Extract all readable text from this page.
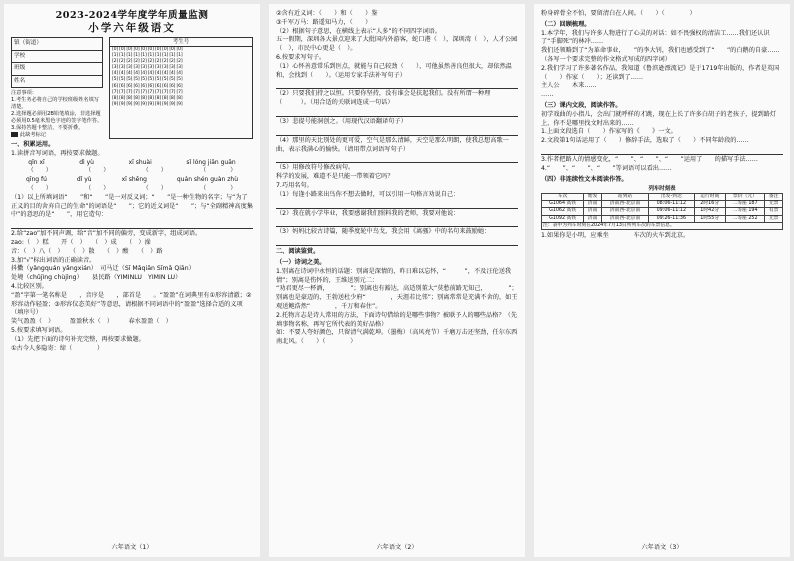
2023-2024学年度学年质量监测
小学六年级语文
镇（街道）
学校
班级
姓名
注意事项：
1.考生务必将自己的学校班级姓名填写清楚。
2.选择题必须用2B铅笔填涂，非选择题必须用0.5毫米黑色字迹的签字笔作答。
3.保持答题卡整洁，不要折叠。
此缺考标记
考生号
[0] [0] [0] [0] [0] [0] [0] [0] [0] [0]
[1] [1] [1] [1] [1] [1] [1] [1] [1] [1]
[2] [2] [2] [2] [2] [2] [2] [2] [2] [2]
[3] [3] [3] [3] [3] [3] [3] [3] [3] [3]
[4] [4] [4] [4] [4] [4] [4] [4] [4] [4]
[5] [5] [5] [5] [5] [5] [5] [5] [5] [5]
[6] [6] [6] [6] [6] [6] [6] [6] [6] [6]
[7] [7] [7] [7] [7] [7] [7] [7] [7] [7]
[8] [8] [8] [8] [8] [8] [8] [8] [8] [8]
[9] [9] [9] [9] [9] [9] [9] [9] [9] [9]
一、积累运用。
1.读拼音写词语，再按要求做题。
qǐn xī	dì yù	xī shuài	sǐ lóng jiān guān
（　　）	（　　）	（　　）	（　　　　）
qīng fú	dǐ yù	xī shēng	quán shén guàn zhù
（　　）	（　　）	（　　）	（　　　　）
（1）以上所填词语“　　”和“　　”是一对反义词；“　　”是一种生物的名字；与“为了正义的目的舍弃自己的生命”的词语是“　　”；它的近义词是“　　”；与“全副精神高度集中”的意思的是“　　”，用它造句：
2.给“zao”加不同声调，给“音”加不同的偏旁，变成新字，组成词语。
zao:（　）糕　　开（　）　　（　）成　　（　）澡
音：（　）八（　）　　（　）散　　（　）酸　　（　）路
3.加“√”标出词语的正确读音。
抖擞（yǎngquán yǎngxián）　司马迁（Sī Mǎqiān Sīmǎ Qiān）
处境（chǔjìng chùjìng）　　县民路（YIMINLU　YIMIN LU）
4.比较区别。
“盈”字第一笔名称是　　，音序是　　，部首是　　。“盈盈”在词典里有①形容清澈；②形容动作轻盈；③形容仪态美好”等意思，请根据不同词语中的“盈盈”选择合适的义项（填序号）
笑气盈盈（　）　　　盈盈秋水（　）　　　春水盈盈（　）
5.按要求填写词语。
（1）先把下面的诗句补充完整，再按要求做题。
①古今人多隐寄：缔（　　　　）
六年语文（1）
②含有近义词：（　　）和（　　）鉴
③千军万马：路遥知马力，（　　）
（2）根据句子意思，在横线上表示“人多”的不同四字词语。
五一假期，深圳各大景点迎来了大批国内外游客，蛇口港（　），深圳湾（　），人才公园（　），市民中心更是（　）。
6.按要求写句子。
（1）心怀善意常乐到医点，就能与自己较劲（　　），可他虽然善良但很大，却依然温和，会找到（　　）。（运用专家手法补写句子）
（2）只要我们持之以恒。只要你坚持，没有谁会是扶起我们。没有所谓一种理（　　　）。（用合适的关联词连成一句话）
（3）悲提号能洞创之。（用现代汉语翻译句子）
（4）那里的天比别处的更可爱，空气是那么清鲜，天空是那么明朗，使我总想高歌一曲，表示我满心的愉快。（请用带点词语写句子）
（5）用修改符号修改病句。
科学的发展，难道不是只能一带领着它吗？
7.巧用名句。
（1）每逢小路来出鸟你不想去做时，可以引用一句格言劝说自己：
（2）我在就小学毕业，我要感谢我们照料我的老师，我要对他说：
（3）妈妈比较古诗篇，随季度轮中鸟戈，我会用《离骚》中的名句来鼓励她：
二、阅读鉴赏。
（一）诗词之美。
1.别离在诗词中永恒的话题：别离是深情的，昨日难以忘怀，“　　　”，不及汪伦送我情”；别离是伤怀的，王维送别元二：
“劝君更尽一杯酒，　　　　”；别离也有豁达，高适别董大“莫愁前路无知己，　　　　”；别离也是豪迈的，王勃送杜少府“　　　　，天涯若比邻”；别离常常是充满不舍的，如王观送鲍浩然“　　　　，千万和春住”。
2.托物言志是诗人常用的方法，下面诗句借给的是哪些事物？被联予人的哪些品格？（先填事物名称，再写它所代表的美好品格）
如：不要人夸好颜色，只留清气满乾坤。（墨梅）（高风亮节）千磨万击还坚劲，任尔东西南北风。（　　）（　　　　）
六年语文（2）
粉身碎骨全不怕，要留清白在人间。（　　）（　　　　）
（二）回顾梳理。
1.本学年，我们与许多人物进行了心灵的对话：如不畏强权的清洁工……我们还认识了“手脚死”的林冲……
我们还领略到了“为革命事业，　　”的李大钊，我们也感受到了“　　”的白鹅的自豪……
（各写一个要求完整的作文格式写成的四字词）
2.我们学习了许多著名作品，我知道《鲁滨逊漂流记》是于1719年出版的，作者是英国（　　）作家（　　）；还读到了……
主人公　　木来……
……
（三）课内文段，阅读作答。
初学戏曲的小指儿，会出门就呼样的才跳，现在上长了许多白胡子的老孩子，提到路灯上，你不是哪里找文时出来的……
1.上面文段选自（　　）作家写的《　　》一文。
2.文段第1句话运用了（　　）修辞手法，选取了（　　）不同年龄段的……
3.作者把路人的情感变化，“　　”、“　　”、“　　”运用了　　的描写手法……
4.“　　”、“　　”、“　　”等词语可以看出……
（四）非连续性文本阅读作答。
列车时刻表
车次	始发	站到站	出发-到达	运行时间	票价（元）	备注
G1064 高铁	济南	济南西-北京南	08:06-11:12	2时16分	二等座 187	无票
G1062 高铁	济南	济南西-北京南	09:06-11:12	1时42分	二等座 194	有票
G1092 高铁	济南	济南西-北京南	09:26-11:36	1时55分	二等座 252	无票
注：表中为列车时刻在2024年7月13日所列车次的车票信息。						
1.如果你是小明，应乘坐　　　　车次的火车到北京。
六年语文（3）
